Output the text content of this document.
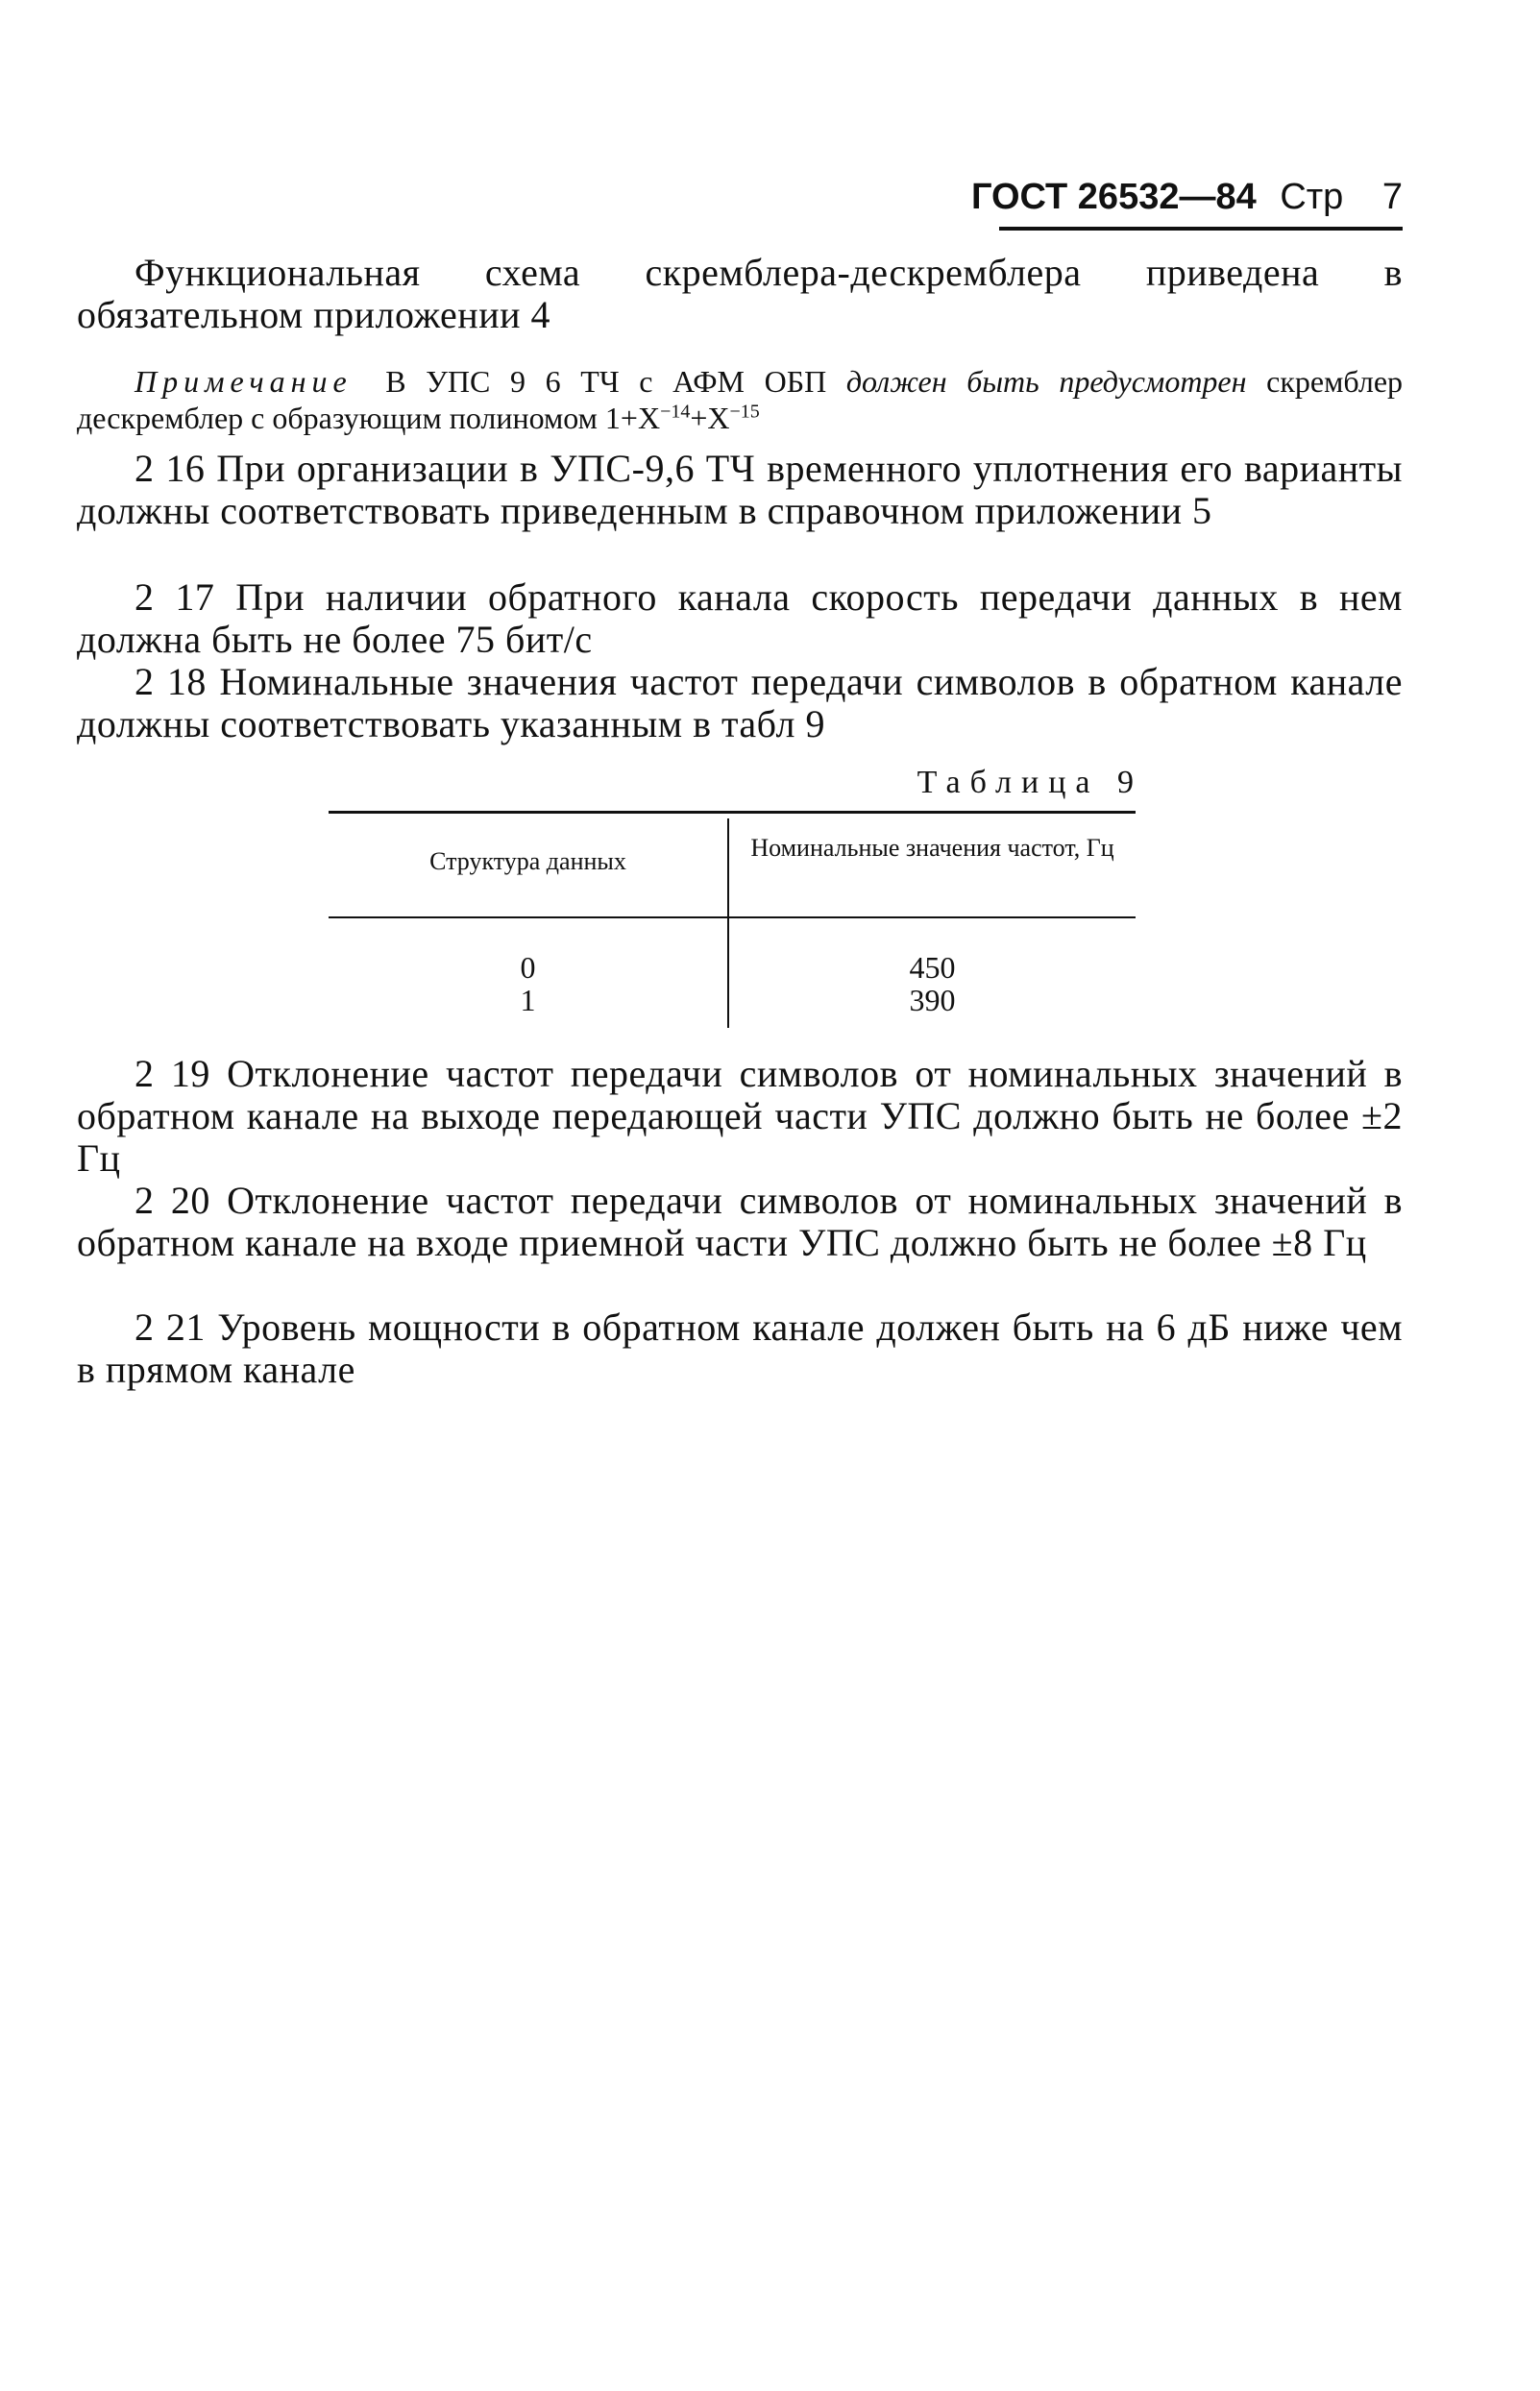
ГОСТ 26532—84 Стр 7

Функциональная схема скремблера-дескремблера приведена в обязательном приложении 4

Примечание В УПС 9 6 ТЧ с АФМ ОБП должен быть предусмотрен скремблер дескремблер с образующим полиномом $1+X^{-14}+X^{-15}$

2 16 При организации в УПС-9,6 ТЧ временного уплотнения его варианты должны соответствовать приведенным в справочном приложении 5

2 17 При наличии обратного канала скорость передачи данных в нем должна быть не более 75 бит/с

2 18 Номинальные значения частот передачи символов в обратном канале должны соответствовать указанным в табл 9

Таблица 9
Структура данных	Номинальные значения частот, Гц
0	450
1	390

2 19 Отклонение частот передачи символов от номинальных значений в обратном канале на выходе передающей части УПС должно быть не более ±2 Гц

2 20 Отклонение частот передачи символов от номинальных значений в обратном канале на входе приемной части УПС должно быть не более ±8 Гц

2 21 Уровень мощности в обратном канале должен быть на 6 дБ ниже чем в прямом канале
